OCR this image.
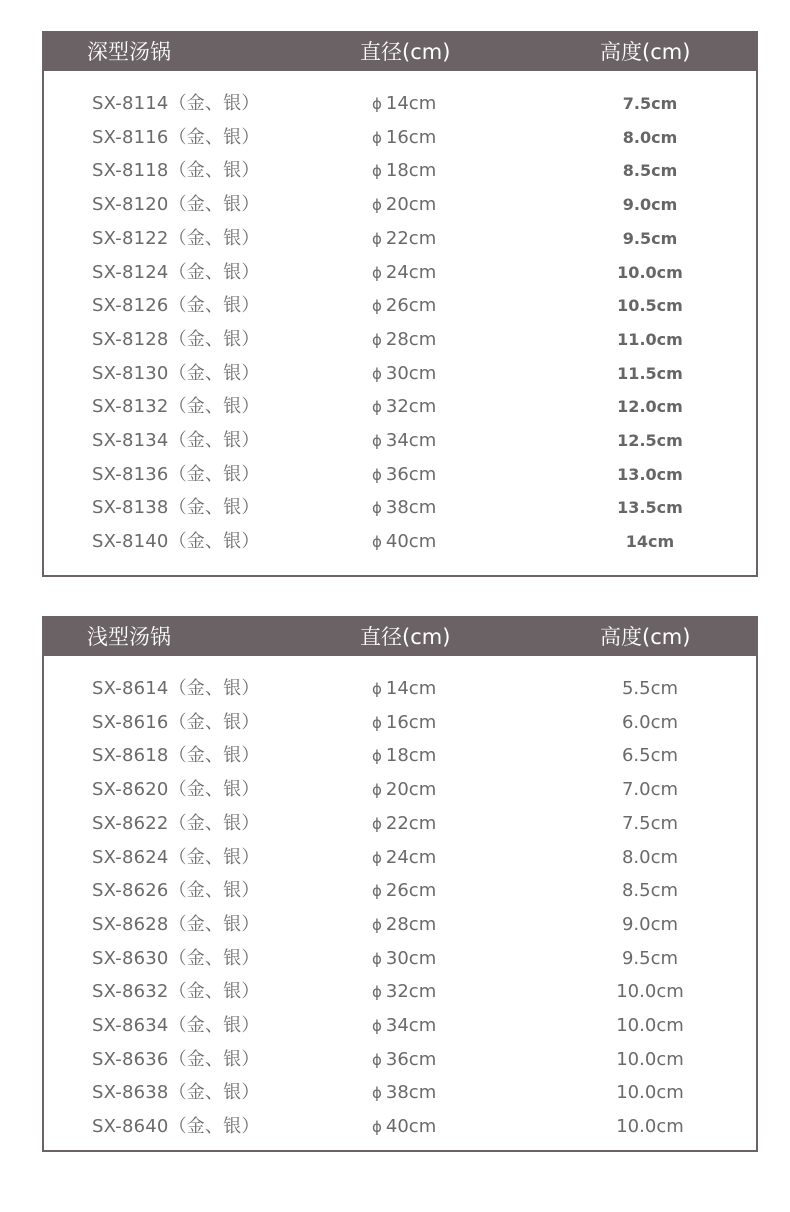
深型汤锅	直径(cm)	高度(cm)
SX-8114（金、银）	ϕ 14cm	7.5cm
SX-8116（金、银）	ϕ 16cm	8.0cm
SX-8118（金、银）	ϕ 18cm	8.5cm
SX-8120（金、银）	ϕ 20cm	9.0cm
SX-8122（金、银）	ϕ 22cm	9.5cm
SX-8124（金、银）	ϕ 24cm	10.0cm
SX-8126（金、银）	ϕ 26cm	10.5cm
SX-8128（金、银）	ϕ 28cm	11.0cm
SX-8130（金、银）	ϕ 30cm	11.5cm
SX-8132（金、银）	ϕ 32cm	12.0cm
SX-8134（金、银）	ϕ 34cm	12.5cm
SX-8136（金、银）	ϕ 36cm	13.0cm
SX-8138（金、银）	ϕ 38cm	13.5cm
SX-8140（金、银）	ϕ 40cm	14cm
浅型汤锅	直径(cm)	高度(cm)
SX-8614（金、银）	ϕ 14cm	5.5cm
SX-8616（金、银）	ϕ 16cm	6.0cm
SX-8618（金、银）	ϕ 18cm	6.5cm
SX-8620（金、银）	ϕ 20cm	7.0cm
SX-8622（金、银）	ϕ 22cm	7.5cm
SX-8624（金、银）	ϕ 24cm	8.0cm
SX-8626（金、银）	ϕ 26cm	8.5cm
SX-8628（金、银）	ϕ 28cm	9.0cm
SX-8630（金、银）	ϕ 30cm	9.5cm
SX-8632（金、银）	ϕ 32cm	10.0cm
SX-8634（金、银）	ϕ 34cm	10.0cm
SX-8636（金、银）	ϕ 36cm	10.0cm
SX-8638（金、银）	ϕ 38cm	10.0cm
SX-8640（金、银）	ϕ 40cm	10.0cm
